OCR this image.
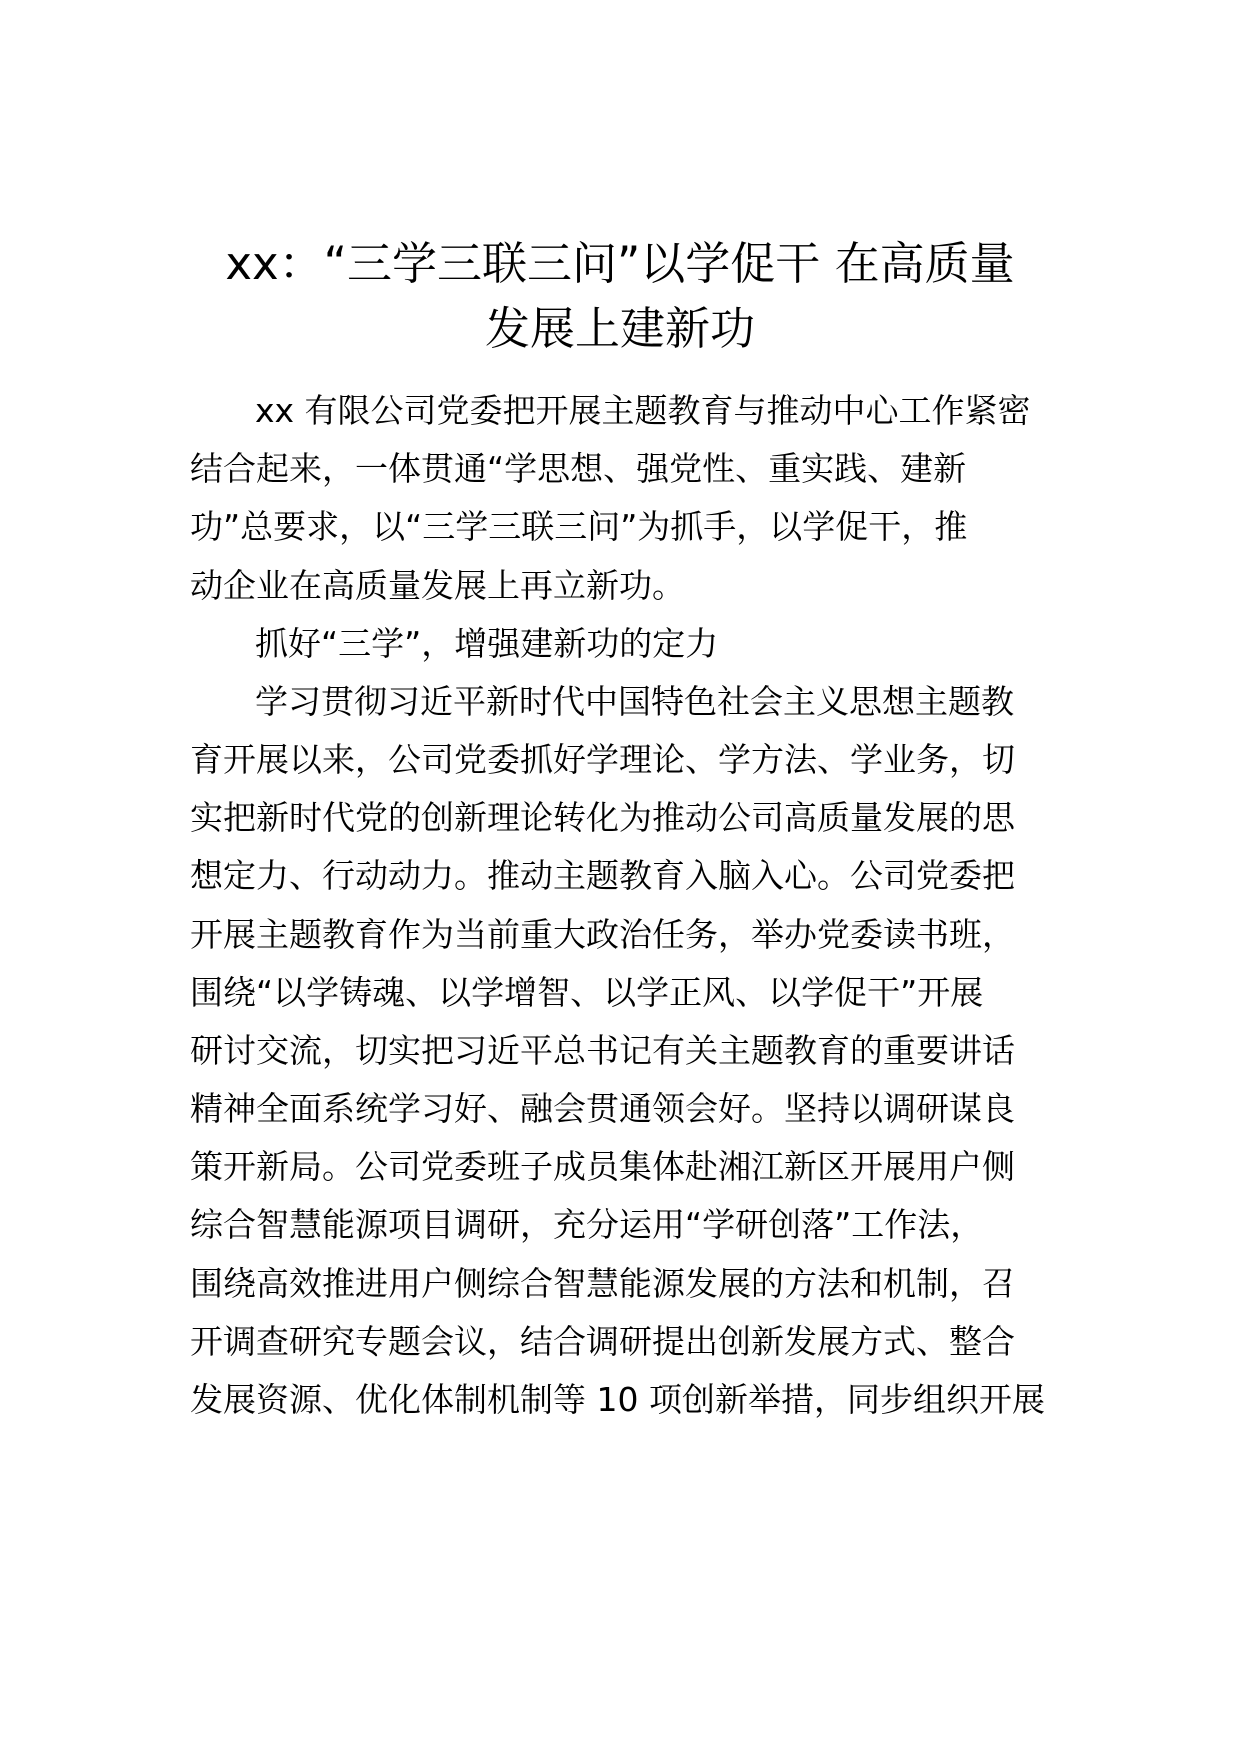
xx：“三学三联三问”以学促干 在高质量
发展上建新功
xx 有限公司党委把开展主题教育与推动中心工作紧密
结合起来，一体贯通“学思想、强党性、重实践、建新
功”总要求，以“三学三联三问”为抓手，以学促干，推
动企业在高质量发展上再立新功。
抓好“三学”，增强建新功的定力
学习贯彻习近平新时代中国特色社会主义思想主题教
育开展以来，公司党委抓好学理论、学方法、学业务，切
实把新时代党的创新理论转化为推动公司高质量发展的思
想定力、行动动力。推动主题教育入脑入心。公司党委把
开展主题教育作为当前重大政治任务，举办党委读书班，
围绕“以学铸魂、以学增智、以学正风、以学促干”开展
研讨交流，切实把习近平总书记有关主题教育的重要讲话
精神全面系统学习好、融会贯通领会好。坚持以调研谋良
策开新局。公司党委班子成员集体赴湘江新区开展用户侧
综合智慧能源项目调研，充分运用“学研创落”工作法，
围绕高效推进用户侧综合智慧能源发展的方法和机制，召
开调查研究专题会议，结合调研提出创新发展方式、整合
发展资源、优化体制机制等 10 项创新举措，同步组织开展
